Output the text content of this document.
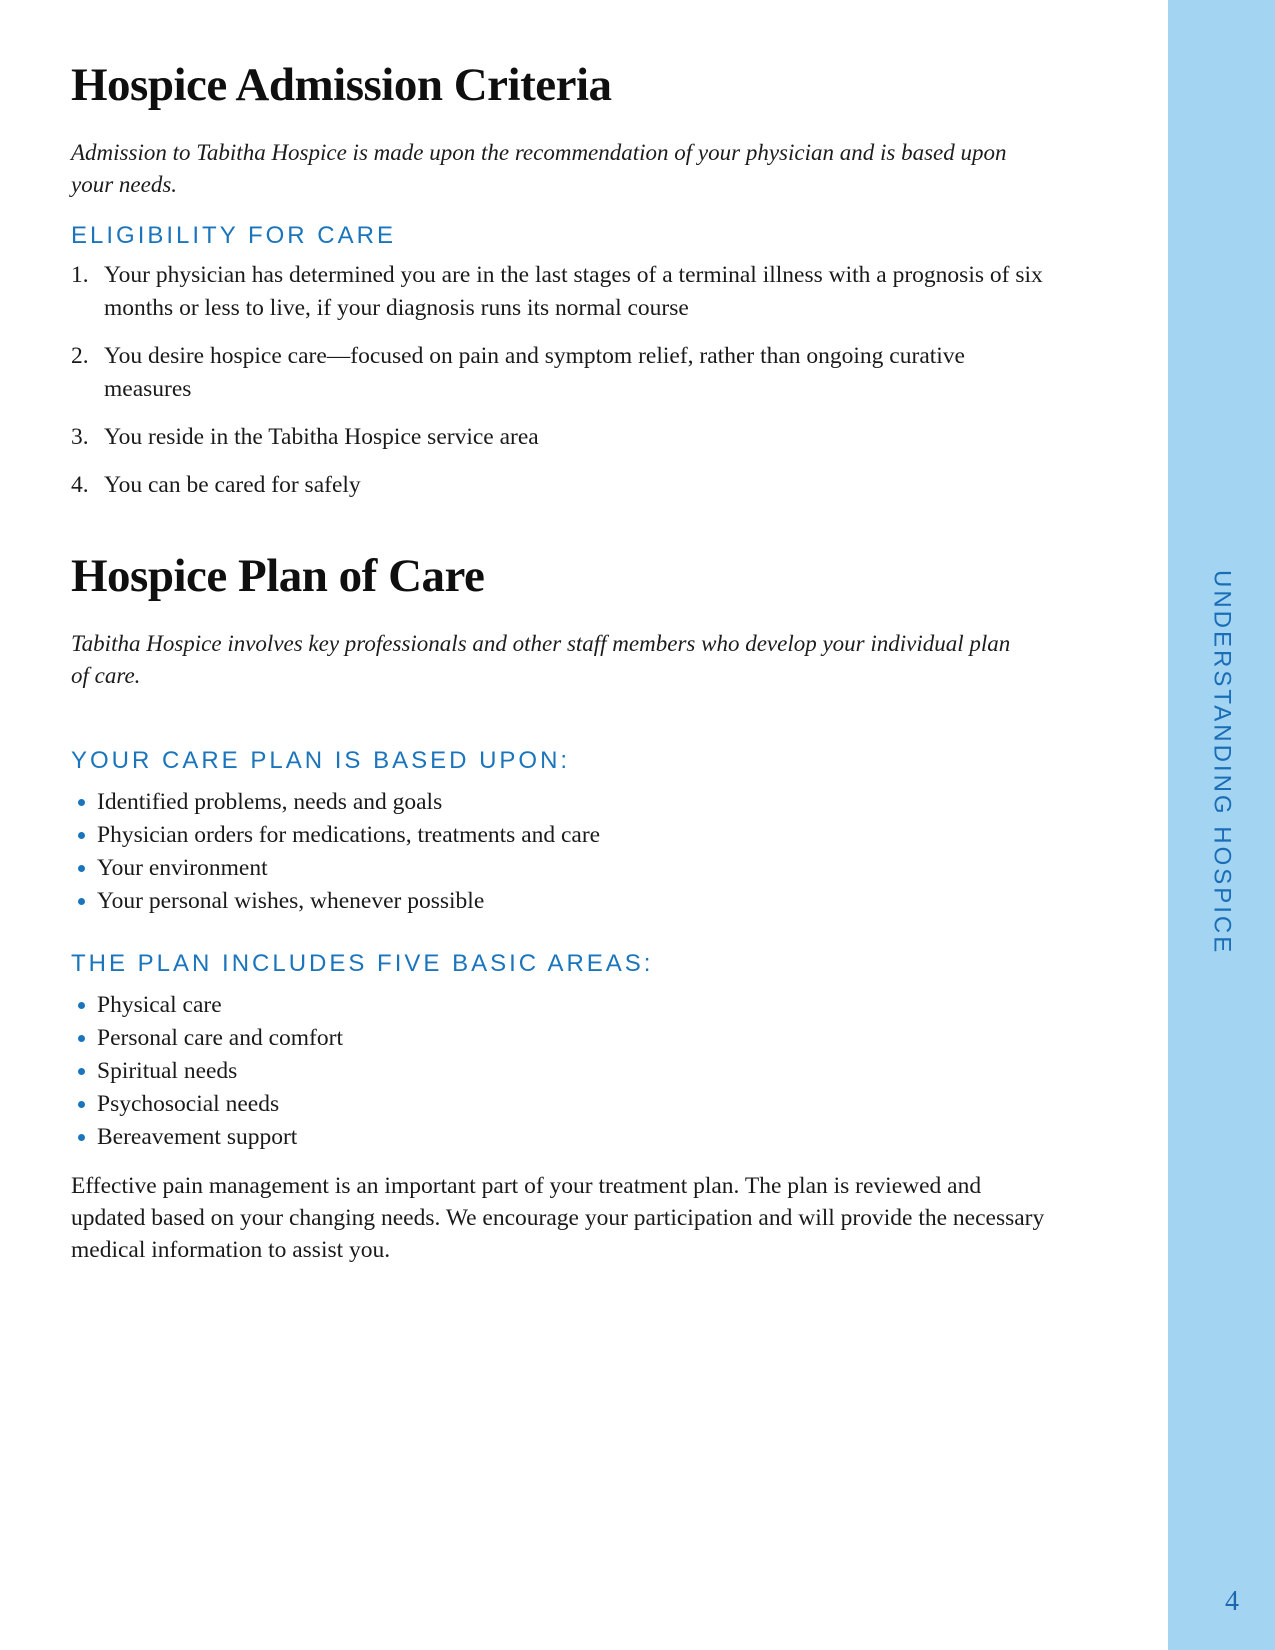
Hospice Admission Criteria

Admission to Tabitha Hospice is made upon the recommendation of your physician and is based upon your needs.

ELIGIBILITY FOR CARE
Your physician has determined you are in the last stages of a terminal illness with a prognosis of six months or less to live, if your diagnosis runs its normal course
You desire hospice care—focused on pain and symptom relief, rather than ongoing curative measures
You reside in the Tabitha Hospice service area
You can be cared for safely
Hospice Plan of Care

Tabitha Hospice involves key professionals and other staff members who develop your individual plan of care.

YOUR CARE PLAN IS BASED UPON:
Identified problems, needs and goals
Physician orders for medications, treatments and care
Your environment
Your personal wishes, whenever possible
THE PLAN INCLUDES FIVE BASIC AREAS:
Physical care
Personal care and comfort
Spiritual needs
Psychosocial needs
Bereavement support

Effective pain management is an important part of your treatment plan. The plan is reviewed and updated based on your changing needs. We encourage your participation and will provide the necessary medical information to assist you.

UNDERSTANDING HOSPICE
4
